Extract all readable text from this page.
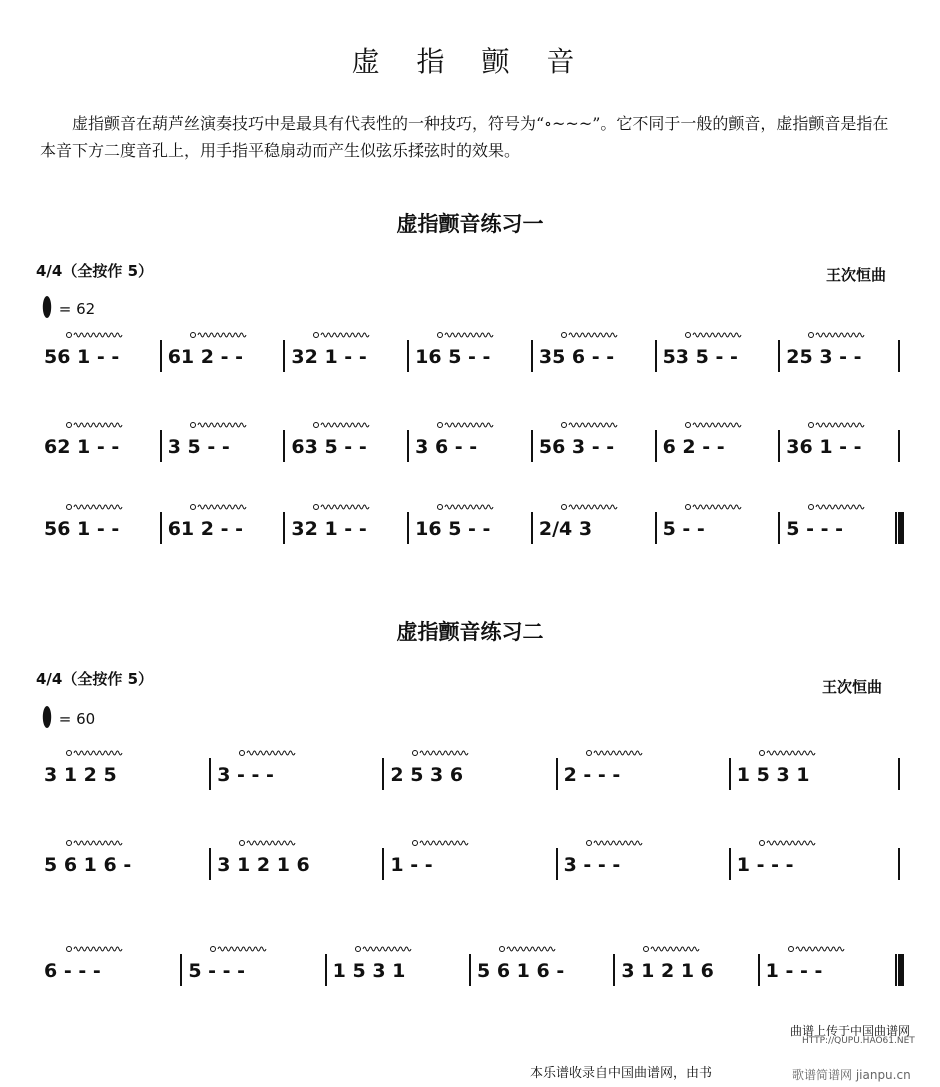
虚 指 颤 音
虚指颤音在葫芦丝演奏技巧中是最具有代表性的一种技巧，符号为“∘~~~”。它不同于一般的颤音，虚指颤音是指在本音下方二度音孔上，用手指平稳扇动而产生似弦乐揉弦时的效果。
虚指颤音练习一
4/4（全按作 5）	王次恒曲
= 62
56 1 - -	61 2 - -	32 1 - -	16 5 - -	35 6 - -	53 5 - -	25 3 - -
62 1 - -	3 5 - -	63 5 - -	3 6 - -	56 3 - -	6 2 - -	36 1 - -
56 1 - -	61 2 - -	32 1 - -	16 5 - -	2/4 3	5 - -	5 - - -
虚指颤音练习二
4/4（全按作 5）	王次恒曲
= 60
3 1 2 5	3 - - -	2 5 3 6	2 - - -	1 5 3 1
5 6 1 6 -	3 1 2 1 6	1 - -	3 - - -	1 - - -
6 - - -	5 - - -	1 5 3 1	5 6 1 6 -	3 1 2 1 6	1 - - -
本乐谱收录自中国曲谱网，由书
曲谱上传于中国曲谱网
HTTP://QUPU.HAO61.NET
歌谱简谱网 jianpu.cn
